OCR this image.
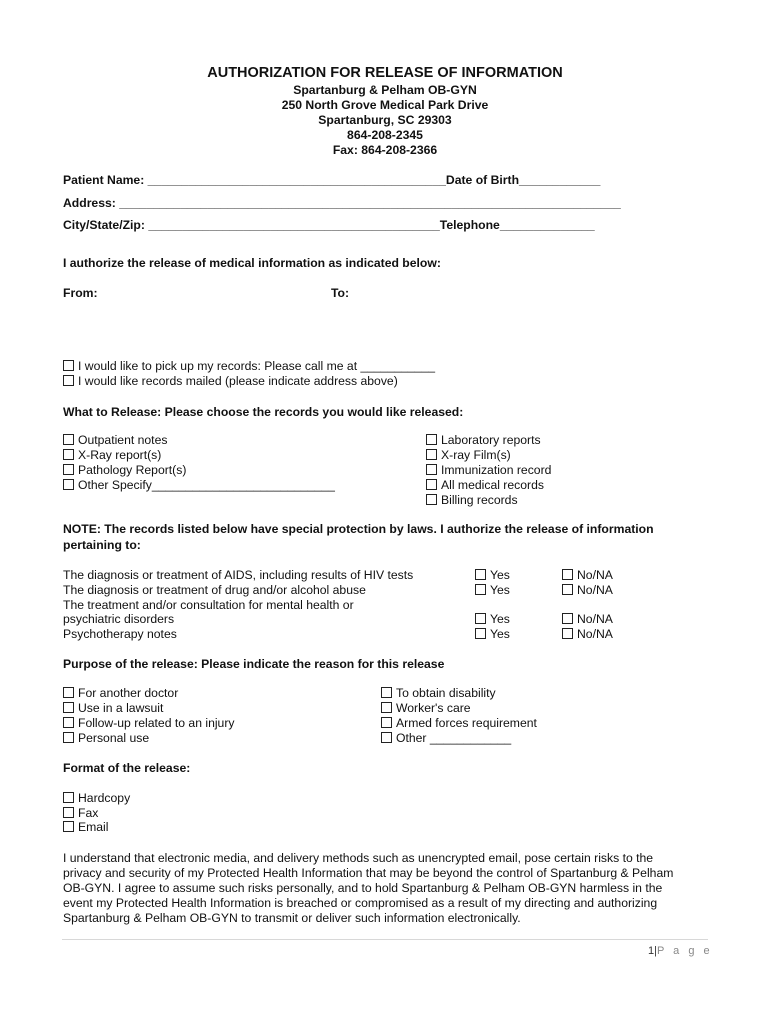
AUTHORIZATION FOR RELEASE OF INFORMATION
Spartanburg & Pelham OB-GYN
250 North Grove Medical Park Drive
Spartanburg, SC 29303
864-208-2345
Fax: 864-208-2366
Patient Name: ____________________________________________Date of Birth____________
Address: __________________________________________________________________________
City/State/Zip: ___________________________________________Telephone______________
I authorize the release of medical information as indicated below:
From:	To:
I would like to pick up my records: Please call me at ___________
I would like records mailed (please indicate address above)
What to Release: Please choose the records you would like released:
Outpatient notes
X-Ray report(s)
Pathology Report(s)
Other Specify___________________________
Laboratory reports
X-ray Film(s)
Immunization record
All medical records
Billing records
NOTE: The records listed below have special protection by laws. I authorize the release of information
pertaining to:
The diagnosis or treatment of AIDS, including results of HIV tests
The diagnosis or treatment of drug and/or alcohol abuse
The treatment and/or consultation for mental health or
psychiatric disorders
Psychotherapy notes
Yes
Yes
Yes
Yes
No/NA
No/NA
No/NA
No/NA
Purpose of the release: Please indicate the reason for this release
For another doctor
Use in a lawsuit
Follow-up related to an injury
Personal use
To obtain disability
Worker's care
Armed forces requirement
Other ____________
Format of the release:
Hardcopy
Fax
Email
I understand that electronic media, and delivery methods such as unencrypted email, pose certain risks to the
privacy and security of my Protected Health Information that may be beyond the control of Spartanburg & Pelham
OB-GYN. I agree to assume such risks personally, and to hold Spartanburg & Pelham OB-GYN harmless in the
event my Protected Health Information is breached or compromised as a result of my directing and authorizing
Spartanburg & Pelham OB-GYN to transmit or deliver such information electronically.
1|P a g e
